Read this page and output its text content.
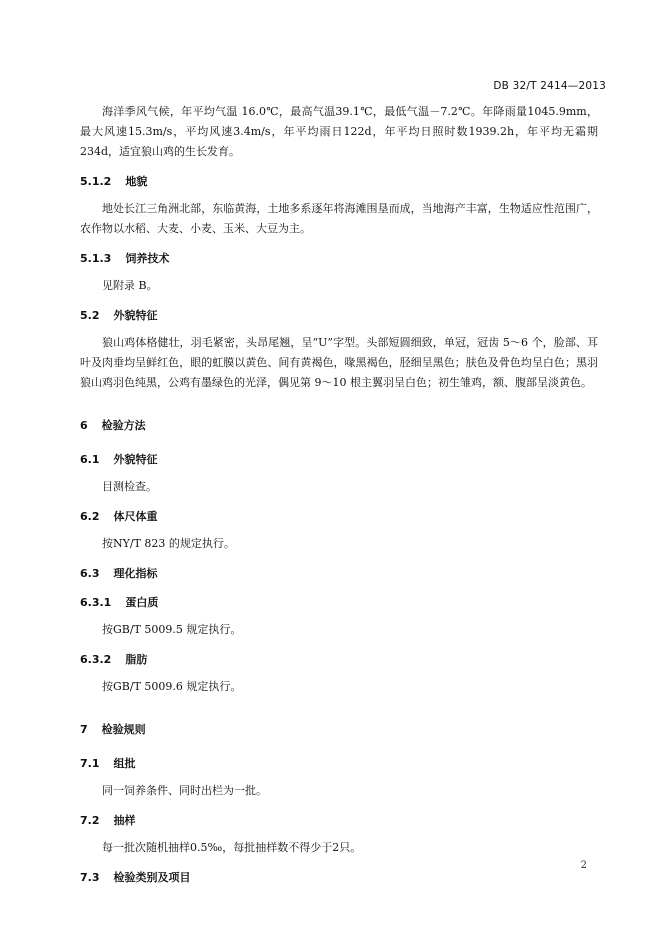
DB 32/T 2414—2013

海洋季风气候，年平均气温 16.0℃，最高气温39.1℃，最低气温－7.2℃。年降雨量1045.9mm，最大风速15.3m/s，平均风速3.4m/s，年平均雨日122d，年平均日照时数1939.2h，年平均无霜期234d，适宜狼山鸡的生长发育。

5.1.2 地貌

地处长江三角洲北部，东临黄海，土地多系逐年将海滩围垦而成，当地海产丰富，生物适应性范围广，农作物以水稻、大麦、小麦、玉米、大豆为主。

5.1.3 饲养技术

见附录 B。

5.2 外貌特征

狼山鸡体格健壮，羽毛紧密，头昂尾翘，呈“U”字型。头部短圆细致，单冠，冠齿 5～6 个，脸部、耳叶及肉垂均呈鲜红色，眼的虹膜以黄色、间有黄褐色，喙黑褐色，胫细呈黑色；肤色及骨色均呈白色；黑羽狼山鸡羽色纯黑，公鸡有墨绿色的光泽，偶见第 9～10 根主翼羽呈白色；初生雏鸡，额、腹部呈淡黄色。

6 检验方法
6.1 外貌特征

目测检查。

6.2 体尺体重

按NY/T 823 的规定执行。

6.3 理化指标
6.3.1 蛋白质

按GB/T 5009.5 规定执行。

6.3.2 脂肪

按GB/T 5009.6 规定执行。

7 检验规则
7.1 组批

同一饲养条件、同时出栏为一批。

7.2 抽样

每一批次随机抽样0.5‰，每批抽样数不得少于2只。

7.3 检验类别及项目
2
